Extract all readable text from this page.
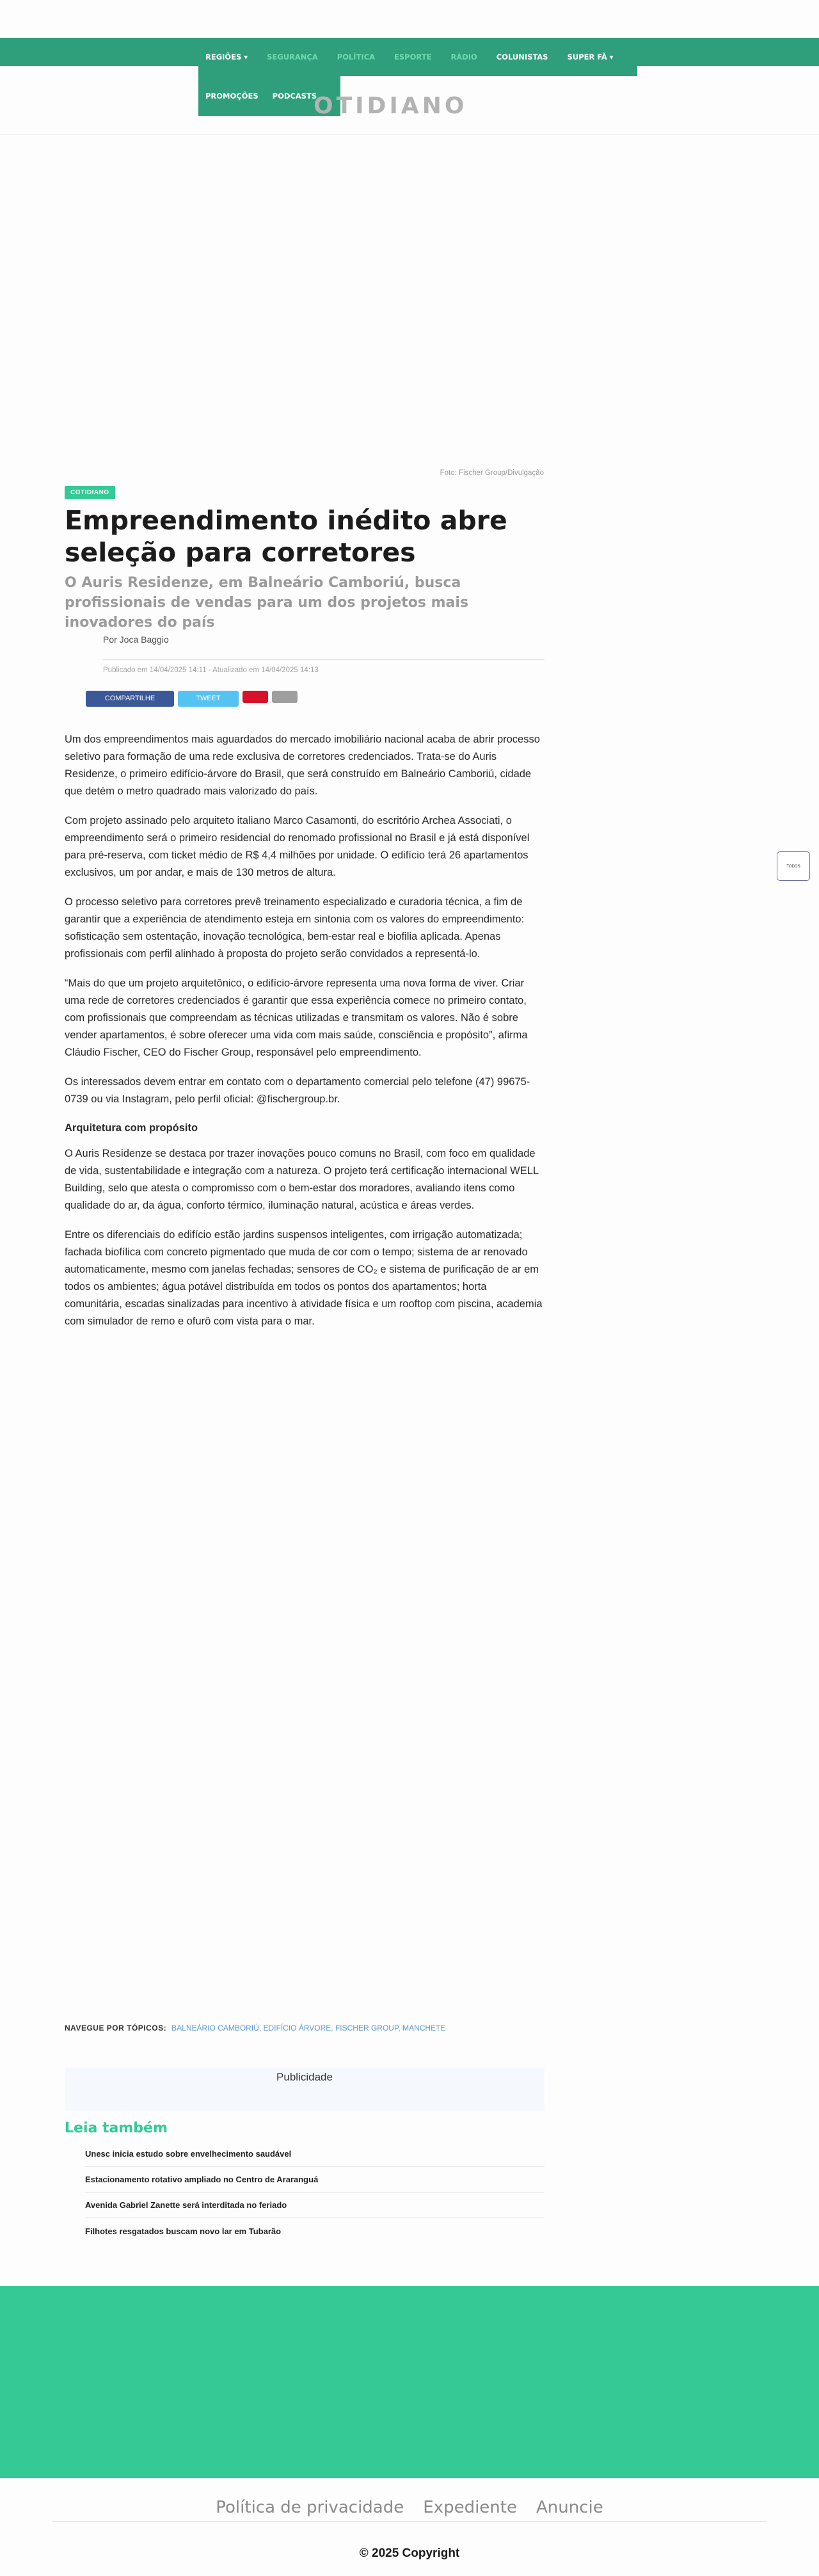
REGIÕES ▾	SEGURANÇA	POLÍTICA	ESPORTE	RÁDIO	COLUNISTAS	SUPER FÃ ▾
PROMOÇÕES PODCASTS
OTIDIANO
Foto: Fischer Group/Divulgação
COTIDIANO
Empreendimento inédito abre seleção para corretores
O Auris Residenze, em Balneário Camboriú, busca profissionais de vendas para um dos projetos mais inovadores do país
Por Joca Baggio
Publicado em 14/04/2025 14:11 - Atualizado em 14/04/2025 14:13
COMPARTILHE	TWEET

Um dos empreendimentos mais aguardados do mercado imobiliário nacional acaba de abrir processo seletivo para formação de uma rede exclusiva de corretores credenciados. Trata-se do Auris Residenze, o primeiro edifício-árvore do Brasil, que será construído em Balneário Camboriú, cidade que detém o metro quadrado mais valorizado do país.

Com projeto assinado pelo arquiteto italiano Marco Casamonti, do escritório Archea Associati, o empreendimento será o primeiro residencial do renomado profissional no Brasil e já está disponível para pré-reserva, com ticket médio de R$ 4,4 milhões por unidade. O edifício terá 26 apartamentos exclusivos, um por andar, e mais de 130 metros de altura.

O processo seletivo para corretores prevê treinamento especializado e curadoria técnica, a fim de garantir que a experiência de atendimento esteja em sintonia com os valores do empreendimento: sofisticação sem ostentação, inovação tecnológica, bem-estar real e biofilia aplicada. Apenas profissionais com perfil alinhado à proposta do projeto serão convidados a representá-lo.

“Mais do que um projeto arquitetônico, o edifício-árvore representa uma nova forma de viver. Criar uma rede de corretores credenciados é garantir que essa experiência comece no primeiro contato, com profissionais que compreendam as técnicas utilizadas e transmitam os valores. Não é sobre vender apartamentos, é sobre oferecer uma vida com mais saúde, consciência e propósito”, afirma Cláudio Fischer, CEO do Fischer Group, responsável pelo empreendimento.

Os interessados devem entrar em contato com o departamento comercial pelo telefone (47) 99675-0739 ou via Instagram, pelo perfil oficial: @fischergroup.br.

Arquitetura com propósito

O Auris Residenze se destaca por trazer inovações pouco comuns no Brasil, com foco em qualidade de vida, sustentabilidade e integração com a natureza. O projeto terá certificação internacional WELL Building, selo que atesta o compromisso com o bem-estar dos moradores, avaliando itens como qualidade do ar, da água, conforto térmico, iluminação natural, acústica e áreas verdes.

Entre os diferenciais do edifício estão jardins suspensos inteligentes, com irrigação automatizada; fachada biofílica com concreto pigmentado que muda de cor com o tempo; sistema de ar renovado automaticamente, mesmo com janelas fechadas; sensores de CO₂ e sistema de purificação de ar em todos os ambientes; água potável distribuída em todos os pontos dos apartamentos; horta comunitária, escadas sinalizadas para incentivo à atividade física e um rooftop com piscina, academia com simulador de remo e ofurô com vista para o mar.

TODOS
NAVEGUE POR TÓPICOS: BALNEÁRIO CAMBORIÚ, EDIFÍCIO ÁRVORE, FISCHER GROUP, MANCHETE
Publicidade
Leia também
Unesc inicia estudo sobre envelhecimento saudável
Estacionamento rotativo ampliado no Centro de Araranguá
Avenida Gabriel Zanette será interditada no feriado
Filhotes resgatados buscam novo lar em Tubarão
Política de privacidade Expediente Anuncie
© 2025 Copyright
